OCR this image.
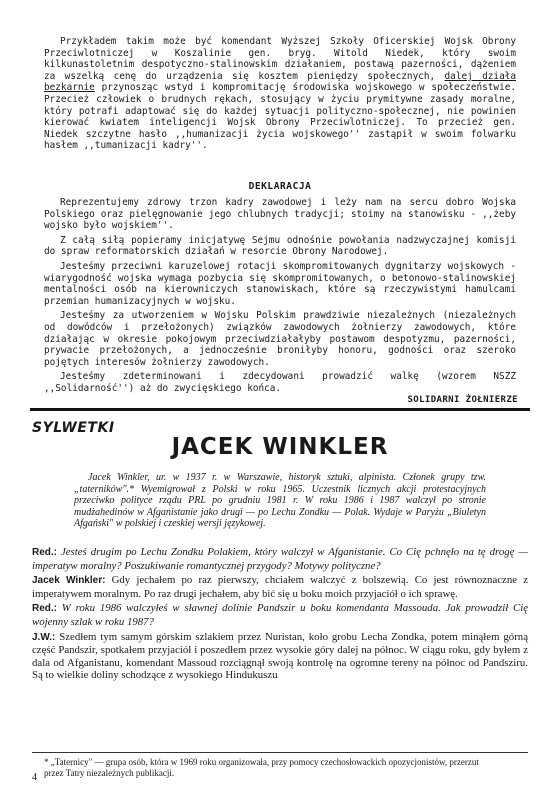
Przykładem takim może być komendant Wyższej Szkoły Oficerskiej Wojsk Obrony Przeciwlotniczej w Koszalinie gen. bryg. Witold Niedek, który swoim kilkunastoletnim despotyczno-stalinowskim działaniem, postawą pazerności, dążeniem za wszelką cenę do urządzenia się kosztem pieniędzy społecznych, dalej działa bezkarnie przynosząc wstyd i kompromitację środowiska wojskowego w społeczeństwie. Przecież człowiek o brudnych rękach, stosujący w życiu prymitywne zasady moralne, który potrafi adaptować się do każdej sytuacji polityczno-społecznej, nie powinien kierować kwiatem inteligencji Wojsk Obrony Przeciwlotniczej. To przecież gen. Niedek szczytne hasło ,,humanizacji życia wojskowego'' zastąpił w swoim folwarku hasłem ,,tumanizacji kadry''.

DEKLARACJA

Reprezentujemy zdrowy trzon kadry zawodowej i leży nam na sercu dobro Wojska Polskiego oraz pielęgnowanie jego chlubnych tradycji; stoimy na stanowisku - ,,żeby wojsko było wojskiem''.

Z całą siłą popieramy inicjatywę Sejmu odnośnie powołania nadzwyczajnej komisji do spraw reformatorskich działań w resorcie Obrony Narodowej.

Jesteśmy przeciwni karuzelowej rotacji skompromitowanych dygnitarzy wojskowych - wiarygodność wojska wymaga pozbycia się skompromitowanych, o betonowo-stalinowskiej mentalności osób na kierowniczych stanowiskach, które są rzeczywistymi hamulcami przemian humanizacyjnych w wojsku.

Jesteśmy za utworzeniem w Wojsku Polskim prawdziwie niezależnych (niezależnych od dowódców i przełożonych) związków zawodowych żołnierzy zawodowych, które działając w okresie pokojowym przeciwdziałałyby postawom despotyzmu, pazerności, prywacie przełożonych, a jednocześnie broniłyby honoru, godności oraz szeroko pojętych interesów żołnierzy zawodowych.

Jesteśmy zdeterminowani i zdecydowani prowadzić walkę (wzorem NSZZ ,,Solidarność'') aż do zwycięskiego końca.

SOLIDARNI ŻOŁNIERZE
SYLWETKI
JACEK WINKLER

Jacek Winkler, ur. w 1937 r. w Warszawie, historyk sztuki, alpinista. Członek grupy tzw. „taterników".* Wyemigrował z Polski w roku 1965. Uczestnik licznych akcji protestacyjnych przeciwko polityce rządu PRL po grudniu 1981 r. W roku 1986 i 1987 walczył po stronie mudżahedinów w Afganistanie jako drugi — po Lechu Zondku — Polak. Wydaje w Paryżu „Biuletyn Afgański" w polskiej i czeskiej wersji językowej.

Red.: Jesteś drugim po Lechu Zondku Polakiem, który walczył w Afganistanie. Co Cię pchnęło na tę drogę — imperatyw moralny? Poszukiwanie romantycznej przygody? Motywy polityczne?

Jacek Winkler: Gdy jechałem po raz pierwszy, chciałem walczyć z bolszewią. Co jest równoznaczne z imperatywem moralnym. Po raz drugi jechałem, aby bić się u boku moich przyjaciół o ich sprawę.

Red.: W roku 1986 walczyłeś w sławnej dolinie Pandszir u boku komendanta Massouda. Jak prowadził Cię wojenny szlak w roku 1987?

J.W.: Szedłem tym samym górskim szlakiem przez Nuristan, koło grobu Lecha Zondka, potem minąłem górną część Pandszir, spotkałem przyjaciół i poszedłem przez wysokie góry dalej na północ. W ciągu roku, gdy byłem z dala od Afganistanu, komendant Massoud rozciągnął swoją kontrolę na ogromne tereny na północ od Pandsziru. Są to wielkie doliny schodzące z wysokiego Hindukuszu

* „Taternicy" — grupa osób, która w 1969 roku organizowała, przy pomocy czechosłowackich opozycjonistów, przerzut przez Tatry niezależnych publikacji.
4
